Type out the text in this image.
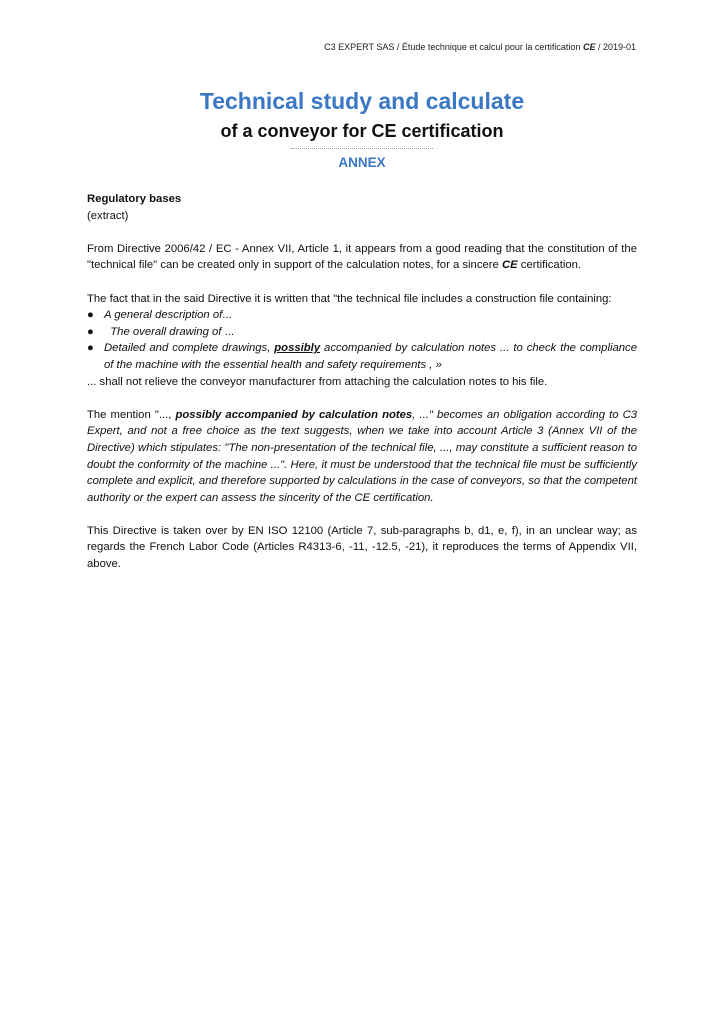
C3 EXPERT SAS / Étude technique et calcul pour la certification CE / 2019-01
Technical study and calculate
of a conveyor for CE certification
ANNEX

Regulatory bases

(extract)

From Directive 2006/42 / EC - Annex VII, Article 1, it appears from a good reading that the constitution of the "technical file" can be created only in support of the calculation notes, for a sincere CE certification.

The fact that in the said Directive it is written that "the technical file includes a construction file containing:

● A general description of...
● The overall drawing of ...
● Detailed and complete drawings, possibly accompanied by calculation notes ... to check the compliance of the machine with the essential health and safety requirements , »

... shall not relieve the conveyor manufacturer from attaching the calculation notes to his file.

The mention "..., possibly accompanied by calculation notes, ..." becomes an obligation according to C3 Expert, and not a free choice as the text suggests, when we take into account Article 3 (Annex VII of the Directive) which stipulates: "The non-presentation of the technical file, ..., may constitute a sufficient reason to doubt the conformity of the machine ...". Here, it must be understood that the technical file must be sufficiently complete and explicit, and therefore supported by calculations in the case of conveyors, so that the competent authority or the expert can assess the sincerity of the CE certification.

This Directive is taken over by EN ISO 12100 (Article 7, sub-paragraphs b, d1, e, f), in an unclear way; as regards the French Labor Code (Articles R4313-6, -11, -12.5, -21), it reproduces the terms of Appendix VII, above.
